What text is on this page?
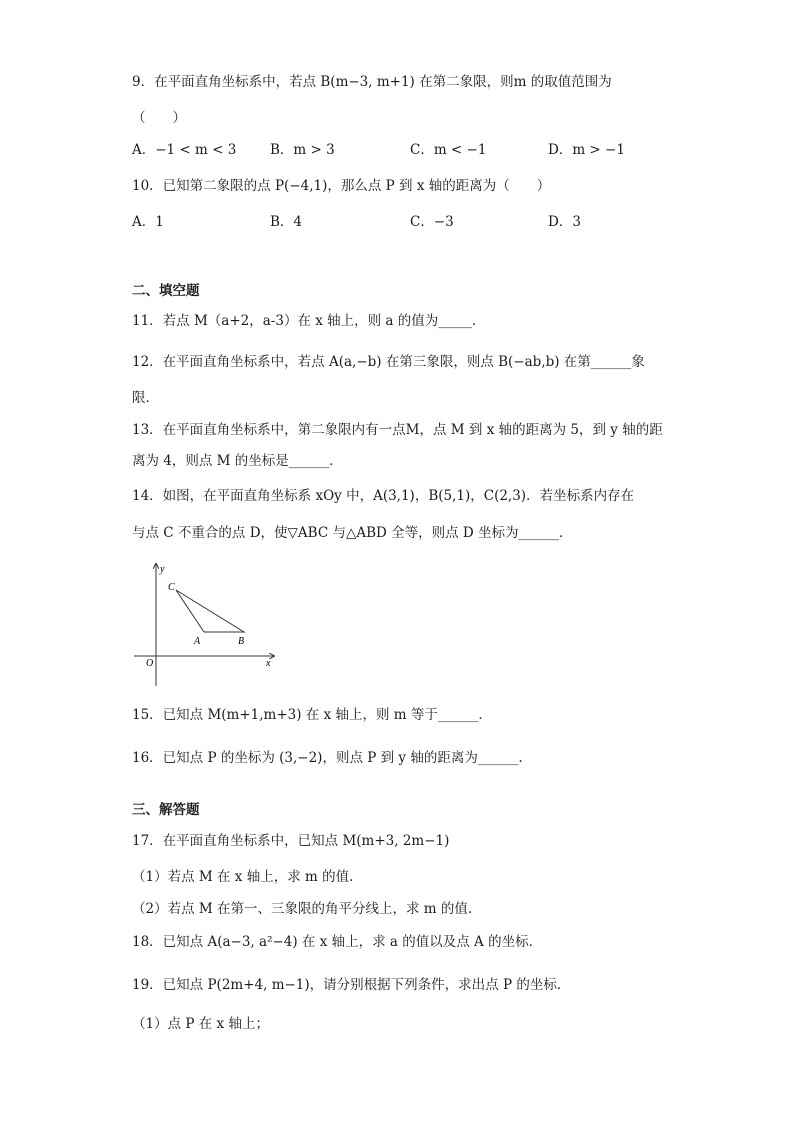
9．在平面直角坐标系中，若点 B(m−3, m+1) 在第二象限，则m 的取值范围为
（　　）
A．−1 < m < 3 B．m > 3	C．m < −1	D．m > −1
10．已知第二象限的点 P(−4,1)，那么点 P 到 x 轴的距离为（　　）
A．1	B．4	C．−3	D．3
二、填空题
11．若点 M（a+2，a-3）在 x 轴上，则 a 的值为_____．
12．在平面直角坐标系中，若点 A(a,−b) 在第三象限，则点 B(−ab,b) 在第______象
限．
13．在平面直角坐标系中，第二象限内有一点M，点 M 到 x 轴的距离为 5，到 y 轴的距
离为 4，则点 M 的坐标是______．
14．如图，在平面直角坐标系 xOy 中，A(3,1)，B(5,1)，C(2,3)．若坐标系内存在
与点 C 不重合的点 D，使▽ABC 与△ABD 全等，则点 D 坐标为______．
y
x
O
A	B
C
15．已知点 M(m+1,m+3) 在 x 轴上，则 m 等于______．
16．已知点 P 的坐标为 (3,−2)，则点 P 到 y 轴的距离为______.
三、解答题
17．在平面直角坐标系中，已知点 M(m+3, 2m−1)
（1）若点 M 在 x 轴上，求 m 的值.
（2）若点 M 在第一、三象限的角平分线上，求 m 的值.
18．已知点 A(a−3, a²−4) 在 x 轴上，求 a 的值以及点 A 的坐标．
19．已知点 P(2m+4, m−1)，请分别根据下列条件，求出点 P 的坐标．
（1）点 P 在 x 轴上；
